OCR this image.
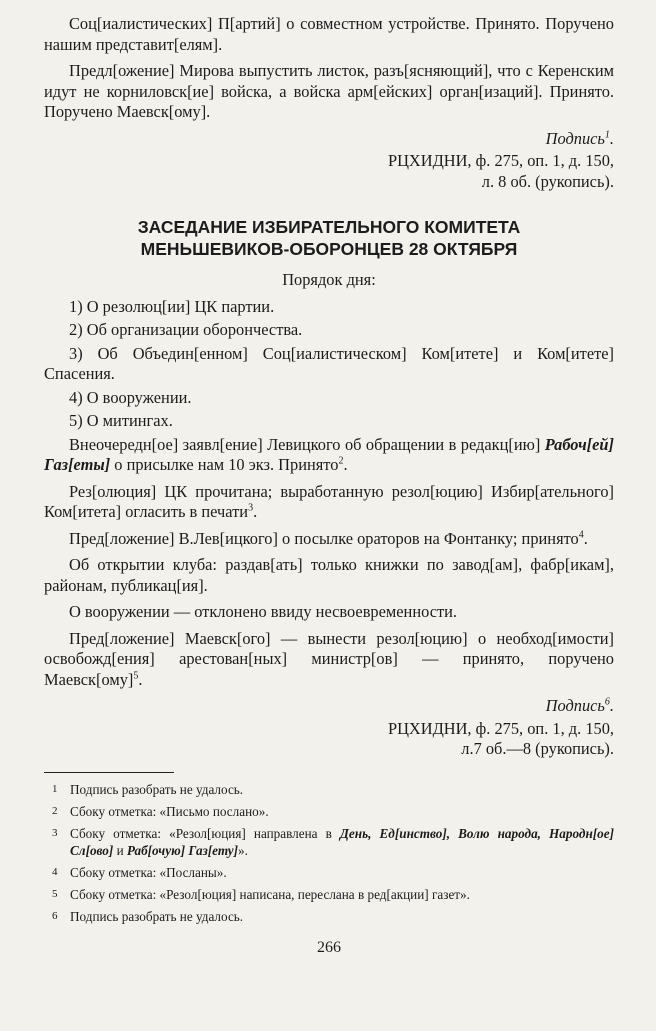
Соц[иалистических] П[артий] о совместном устройстве. Принято. Поручено нашим представит[елям].

Предл[ожение] Мирова выпустить листок, разъ[ясняющий], что с Керенским идут не корниловск[ие] войска, а войска арм[ейских] орган[изаций]. Принято. Поручено Маевск[ому].

Подпись$^1$.

РЦХИДНИ, ф. 275, оп. 1, д. 150,
л. 8 об. (рукопись).

ЗАСЕДАНИЕ ИЗБИРАТЕЛЬНОГО КОМИТЕТА
МЕНЬШЕВИКОВ-ОБОРОНЦЕВ 28 ОКТЯБРЯ

Порядок дня:

1) О резолюц[ии] ЦК партии.
2) Об организации оборончества.
3) Об Объедин[енном] Соц[иалистическом] Ком[итете] и Ком[итете] Спасения.
4) О вооружении.
5) О митингах.

Внеочередн[ое] заявл[ение] Левицкого об обращении в редакц[ию] Рабоч[ей] Газ[еты] о присылке нам 10 экз. Принято$^2$.

Рез[олюция] ЦК прочитана; выработанную резол[юцию] Избир[ательного] Ком[итета] огласить в печати$^3$.

Пред[ложение] В.Лев[ицкого] о посылке ораторов на Фонтанку; принято$^4$.

Об открытии клуба: раздав[ать] только книжки по завод[ам], фабр[икам], районам, публикац[ия].

О вооружении — отклонено ввиду несвоевременности.

Пред[ложение] Маевск[ого] — вынести резол[юцию] о необход[имости] освобожд[ения] арестован[ных] министр[ов] — принято, поручено Маевск[ому]$^5$.

Подпись$^6$.

РЦХИДНИ, ф. 275, оп. 1, д. 150,
л.7 об.—8 (рукопись).

1 Подпись разобрать не удалось.
2 Сбоку отметка: «Письмо послано».
3 Сбоку отметка: «Резол[юция] направлена в День, Ед[инство], Волю народа, Народн[ое] Сл[ово] и Раб[очую] Газ[ету]».
4 Сбоку отметка: «Посланы».
5 Сбоку отметка: «Резол[юция] написана, переслана в ред[акции] газет».
6 Подпись разобрать не удалось.
266
